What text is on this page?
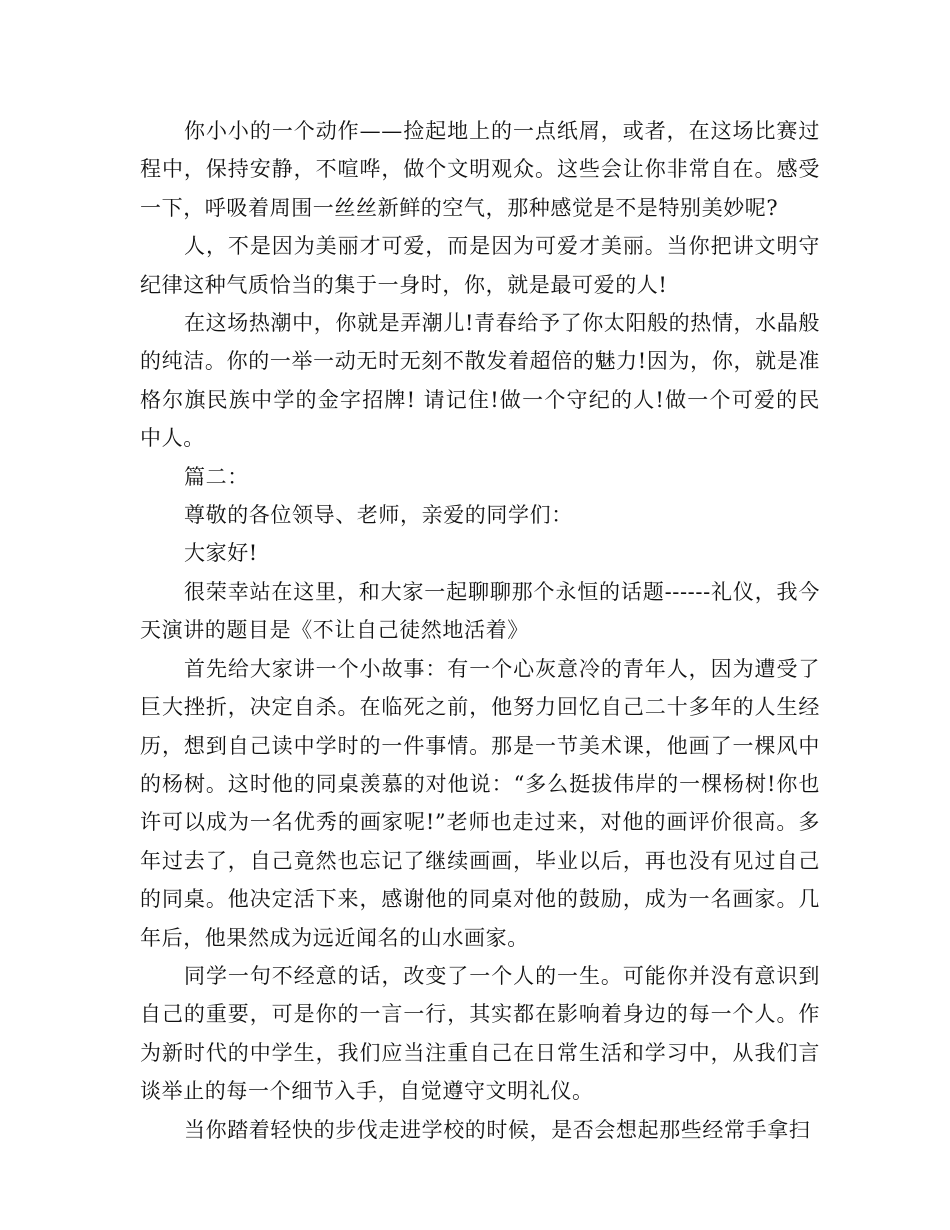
你小小的一个动作——捡起地上的一点纸屑，或者，在这场比赛过程中，保持安静，不喧哗，做个文明观众。这些会让你非常自在。感受一下，呼吸着周围一丝丝新鲜的空气，那种感觉是不是特别美妙呢?

人，不是因为美丽才可爱，而是因为可爱才美丽。当你把讲文明守纪律这种气质恰当的集于一身时，你，就是最可爱的人!

在这场热潮中，你就是弄潮儿!青春给予了你太阳般的热情，水晶般的纯洁。你的一举一动无时无刻不散发着超倍的魅力!因为，你，就是准格尔旗民族中学的金字招牌! 请记住!做一个守纪的人!做一个可爱的民中人。

篇二：

尊敬的各位领导、老师，亲爱的同学们：

大家好!

很荣幸站在这里，和大家一起聊聊那个永恒的话题------礼仪，我今天演讲的题目是《不让自己徒然地活着》

首先给大家讲一个小故事：有一个心灰意冷的青年人，因为遭受了巨大挫折，决定自杀。在临死之前，他努力回忆自己二十多年的人生经历，想到自己读中学时的一件事情。那是一节美术课，他画了一棵风中的杨树。这时他的同桌羡慕的对他说：“多么挺拔伟岸的一棵杨树!你也许可以成为一名优秀的画家呢!”老师也走过来，对他的画评价很高。多年过去了，自己竟然也忘记了继续画画，毕业以后，再也没有见过自己的同桌。他决定活下来，感谢他的同桌对他的鼓励，成为一名画家。几年后，他果然成为远近闻名的山水画家。

同学一句不经意的话，改变了一个人的一生。可能你并没有意识到自己的重要，可是你的一言一行，其实都在影响着身边的每一个人。作为新时代的中学生，我们应当注重自己在日常生活和学习中，从我们言谈举止的每一个细节入手，自觉遵守文明礼仪。

当你踏着轻快的步伐走进学校的时候，是否会想起那些经常手拿扫
